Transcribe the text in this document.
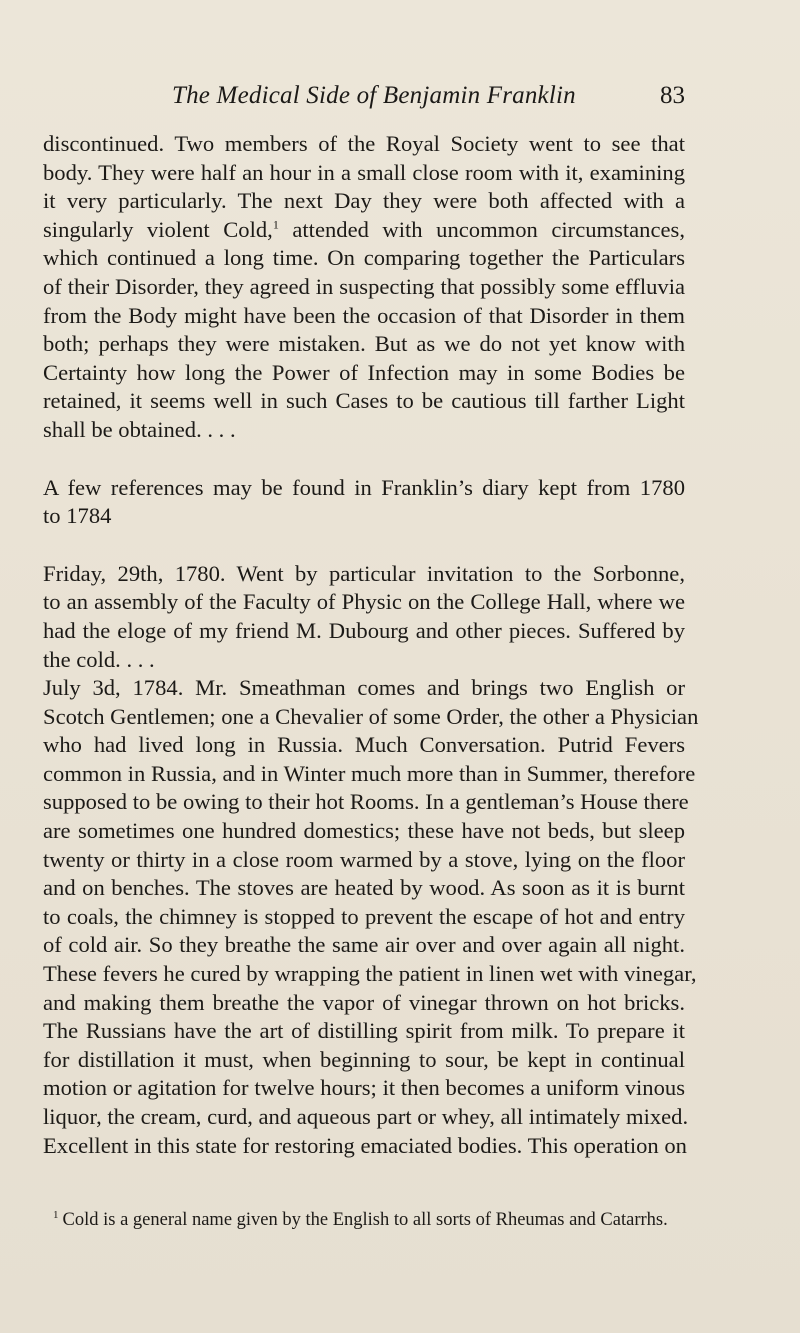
The Medical Side of Benjamin Franklin	83
discontinued. Two members of the Royal Society went to see that
body. They were half an hour in a small close room with it, examining
it very particularly. The next Day they were both affected with a
singularly violent Cold,$^1$ attended with uncommon circumstances,
which continued a long time. On comparing together the Particulars
of their Disorder, they agreed in suspecting that possibly some effluvia
from the Body might have been the occasion of that Disorder in them
both; perhaps they were mistaken. But as we do not yet know with
Certainty how long the Power of Infection may in some Bodies be
retained, it seems well in such Cases to be cautious till farther Light
shall be obtained. . . .
A few references may be found in Franklin’s diary kept from 1780
to 1784
Friday, 29th, 1780. Went by particular invitation to the Sorbonne,
to an assembly of the Faculty of Physic on the College Hall, where we
had the eloge of my friend M. Dubourg and other pieces. Suffered by
the cold. . . .
July 3d, 1784. Mr. Smeathman comes and brings two English or
Scotch Gentlemen; one a Chevalier of some Order, the other a Physician
who had lived long in Russia. Much Conversation. Putrid Fevers
common in Russia, and in Winter much more than in Summer, therefore
supposed to be owing to their hot Rooms. In a gentleman’s House there
are sometimes one hundred domestics; these have not beds, but sleep
twenty or thirty in a close room warmed by a stove, lying on the floor
and on benches. The stoves are heated by wood. As soon as it is burnt
to coals, the chimney is stopped to prevent the escape of hot and entry
of cold air. So they breathe the same air over and over again all night.
These fevers he cured by wrapping the patient in linen wet with vinegar,
and making them breathe the vapor of vinegar thrown on hot bricks.
The Russians have the art of distilling spirit from milk. To prepare it
for distillation it must, when beginning to sour, be kept in continual
motion or agitation for twelve hours; it then becomes a uniform vinous
liquor, the cream, curd, and aqueous part or whey, all intimately mixed.
Excellent in this state for restoring emaciated bodies. This operation on
$^1$ Cold is a general name given by the English to all sorts of Rheumas and Catarrhs.
